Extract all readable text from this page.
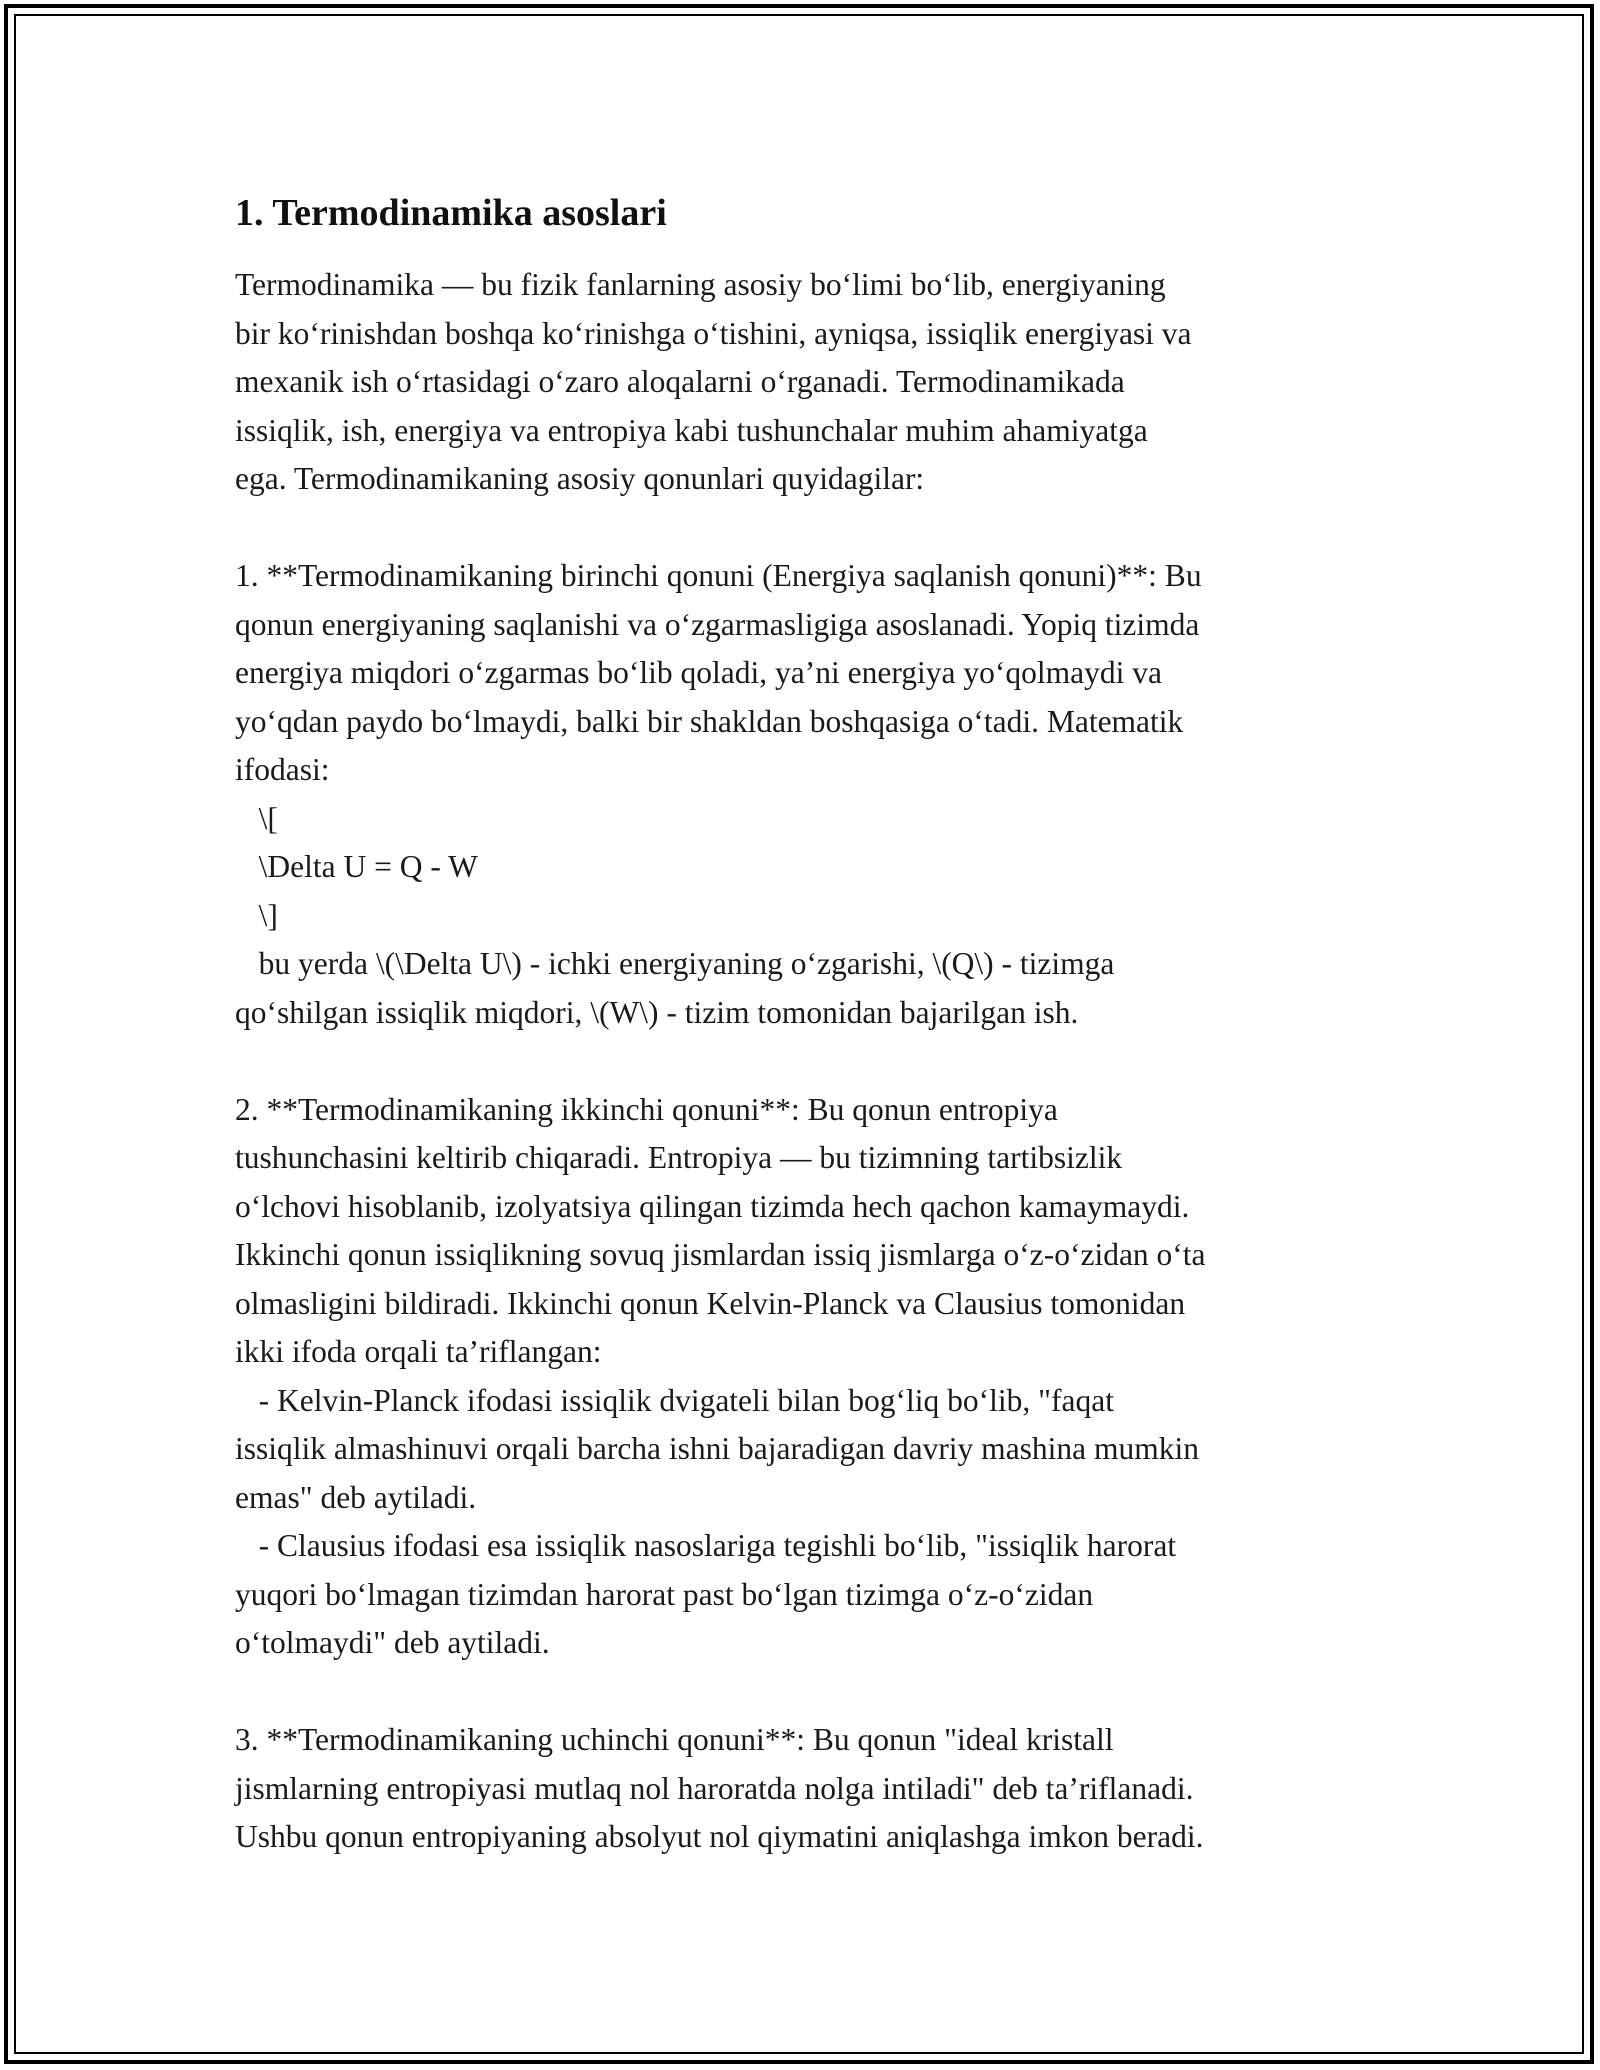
1. Termodinamika asoslari

Termodinamika — bu fizik fanlarning asosiy bo‘limi bo‘lib, energiyaning
bir ko‘rinishdan boshqa ko‘rinishga o‘tishini, ayniqsa, issiqlik energiyasi va
mexanik ish o‘rtasidagi o‘zaro aloqalarni o‘rganadi. Termodinamikada
issiqlik, ish, energiya va entropiya kabi tushunchalar muhim ahamiyatga
ega. Termodinamikaning asosiy qonunlari quyidagilar:

1. **Termodinamikaning birinchi qonuni (Energiya saqlanish qonuni)**: Bu
qonun energiyaning saqlanishi va o‘zgarmasligiga asoslanadi. Yopiq tizimda
energiya miqdori o‘zgarmas bo‘lib qoladi, ya’ni energiya yo‘qolmaydi va
yo‘qdan paydo bo‘lmaydi, balki bir shakldan boshqasiga o‘tadi. Matematik
ifodasi:
\[
\Delta U = Q - W
\]
bu yerda \(\Delta U\) - ichki energiyaning o‘zgarishi, \(Q\) - tizimga
qo‘shilgan issiqlik miqdori, \(W\) - tizim tomonidan bajarilgan ish.

2. **Termodinamikaning ikkinchi qonuni**: Bu qonun entropiya
tushunchasini keltirib chiqaradi. Entropiya — bu tizimning tartibsizlik
o‘lchovi hisoblanib, izolyatsiya qilingan tizimda hech qachon kamaymaydi.
Ikkinchi qonun issiqlikning sovuq jismlardan issiq jismlarga o‘z-o‘zidan o‘ta
olmasligini bildiradi. Ikkinchi qonun Kelvin-Planck va Clausius tomonidan
ikki ifoda orqali ta’riflangan:
- Kelvin-Planck ifodasi issiqlik dvigateli bilan bog‘liq bo‘lib, "faqat
issiqlik almashinuvi orqali barcha ishni bajaradigan davriy mashina mumkin
emas" deb aytiladi.
- Clausius ifodasi esa issiqlik nasoslariga tegishli bo‘lib, "issiqlik harorat
yuqori bo‘lmagan tizimdan harorat past bo‘lgan tizimga o‘z-o‘zidan
o‘tolmaydi" deb aytiladi.

3. **Termodinamikaning uchinchi qonuni**: Bu qonun "ideal kristall
jismlarning entropiyasi mutlaq nol haroratda nolga intiladi" deb ta’riflanadi.
Ushbu qonun entropiyaning absolyut nol qiymatini aniqlashga imkon beradi.
